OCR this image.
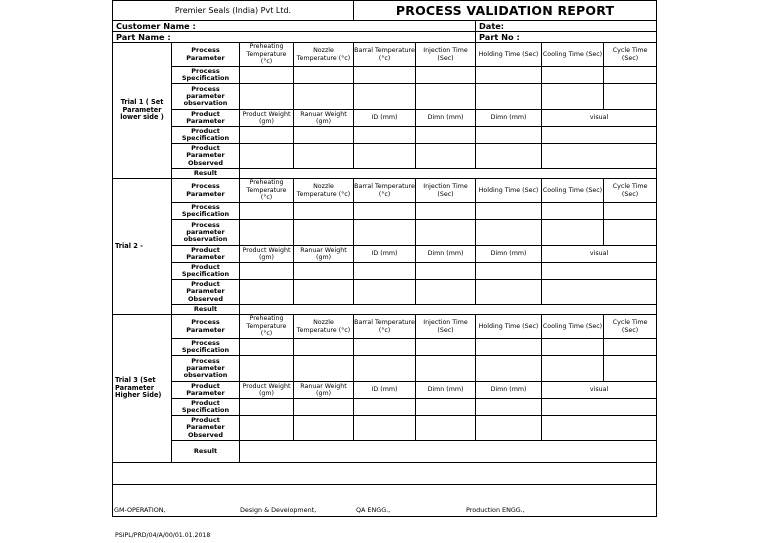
Premier Seals (India) Pvt Ltd.				PROCESS VALIDATION REPORT				
Customer Name :						Date:		
Part Name :						Part No :		
Trial 1 ( Set Parameter lower side )	Process Parameter	Preheating Temperature (°c)	Nozzle Temperature (°c)	Barral Temperature (°c)	Injection Time (Sec)	Holding Time (Sec)	Cooling Time (Sec)	Cycle Time (Sec)
	Process Specification							
	Process parameter observation							
	Product Parameter	Product Weight (gm)	Ranuar Weight (gm)	ID (mm)	Dimn (mm)	Dimn (mm)	visual	
	Product Specification							
	Product Parameter Observed							
	Result							
Trial 2 -	Process Parameter	Preheating Temperature (°c)	Nozzle Temperature (°c)	Barral Temperature (°c)	Injection Time (Sec)	Holding Time (Sec)	Cooling Time (Sec)	Cycle Time (Sec)
	Process Specification							
	Process parameter observation							
	Product Parameter	Product Weight (gm)	Ranuar Weight (gm)	ID (mm)	Dimn (mm)	Dimn (mm)	visual	
	Product Specification							
	Product Parameter Observed							
	Result							
Trial 3 (Set Parameter Higher Side)	Process Parameter	Preheating Temperature (°c)	Nozzle Temperature (°c)	Barral Temperature (°c)	Injection Time (Sec)	Holding Time (Sec)	Cooling Time (Sec)	Cycle Time (Sec)
	Process Specification							
	Process parameter observation							
	Product Parameter	Product Weight (gm)	Ranuar Weight (gm)	ID (mm)	Dimn (mm)	Dimn (mm)	visual	
	Product Specification							
	Product Parameter Observed							
	Result							

GM-OPERATION, Design & Development, QA ENGG., Production ENGG.,								
PSIPL/PRD/04/A/00/01.01.2018
